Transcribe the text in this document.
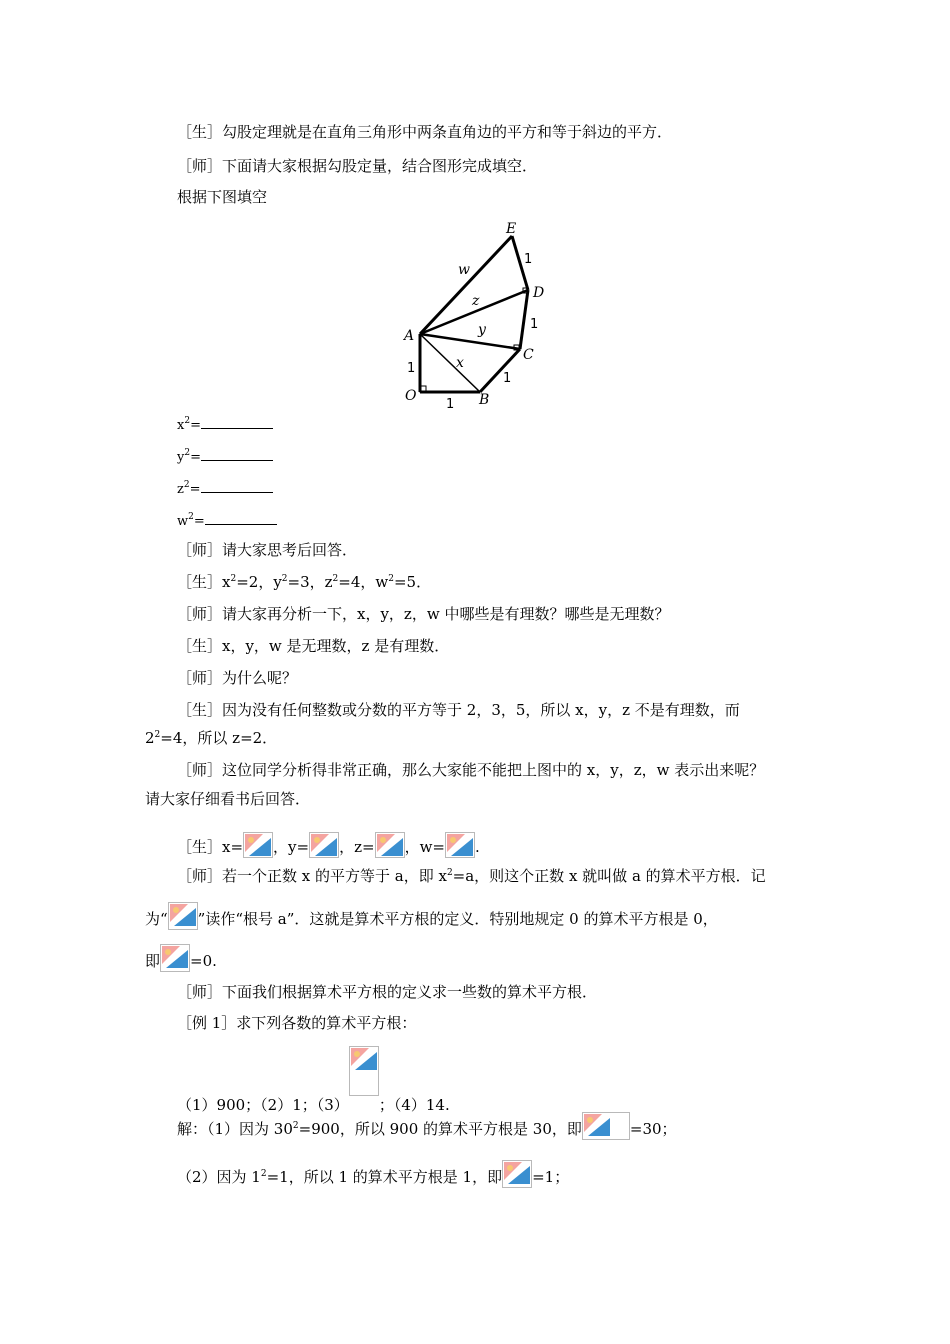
［生］勾股定理就是在直角三角形中两条直角边的平方和等于斜边的平方．
［师］下面请大家根据勾股定量，结合图形完成填空．
根据下图填空
E
D
C
B
A
O
w
z
y
x
1
1
1
1
1
$x^2=$
$y^2=$
$z^2=$
$w^2=$
［师］请大家思考后回答．
［生$]x^2=2$，$y^2=3$，$z^2=4$，$w^2=5$．
［师］请大家再分析一下，x，y，z，w 中哪些是有理数？哪些是无理数？
［生］x，y，w 是无理数，z 是有理数．
［师］为什么呢？
［生］因为没有任何整数或分数的平方等于 2，3，5，所以 x，y，z 不是有理数，而
$2^2=4$，所以 z=2．
［师］这位同学分析得非常正确，那么大家能不能把上图中的 x，y，z，w 表示出来呢？
请大家仔细看书后回答．
［生］x= ，y= ，z= ，w= .
［师］若一个正数 x 的平方等于 a，即 $x^2=a$，则这个正数 x 就叫做 a 的算术平方根．记
为“ ”读作“根号 a”．这就是算术平方根的定义．特别地规定 0 的算术平方根是 0，
即 =0.
［师］下面我们根据算术平方根的定义求一些数的算术平方根．
［例 1］求下列各数的算术平方根：
（1）900；（2）1；（3） ；（4）14.
解：（1）因为 $30^2=900$，所以 900 的算术平方根是 30，即	=30；
（2）因为 $1^2=1$，所以 1 的算术平方根是 1，即 =1；
